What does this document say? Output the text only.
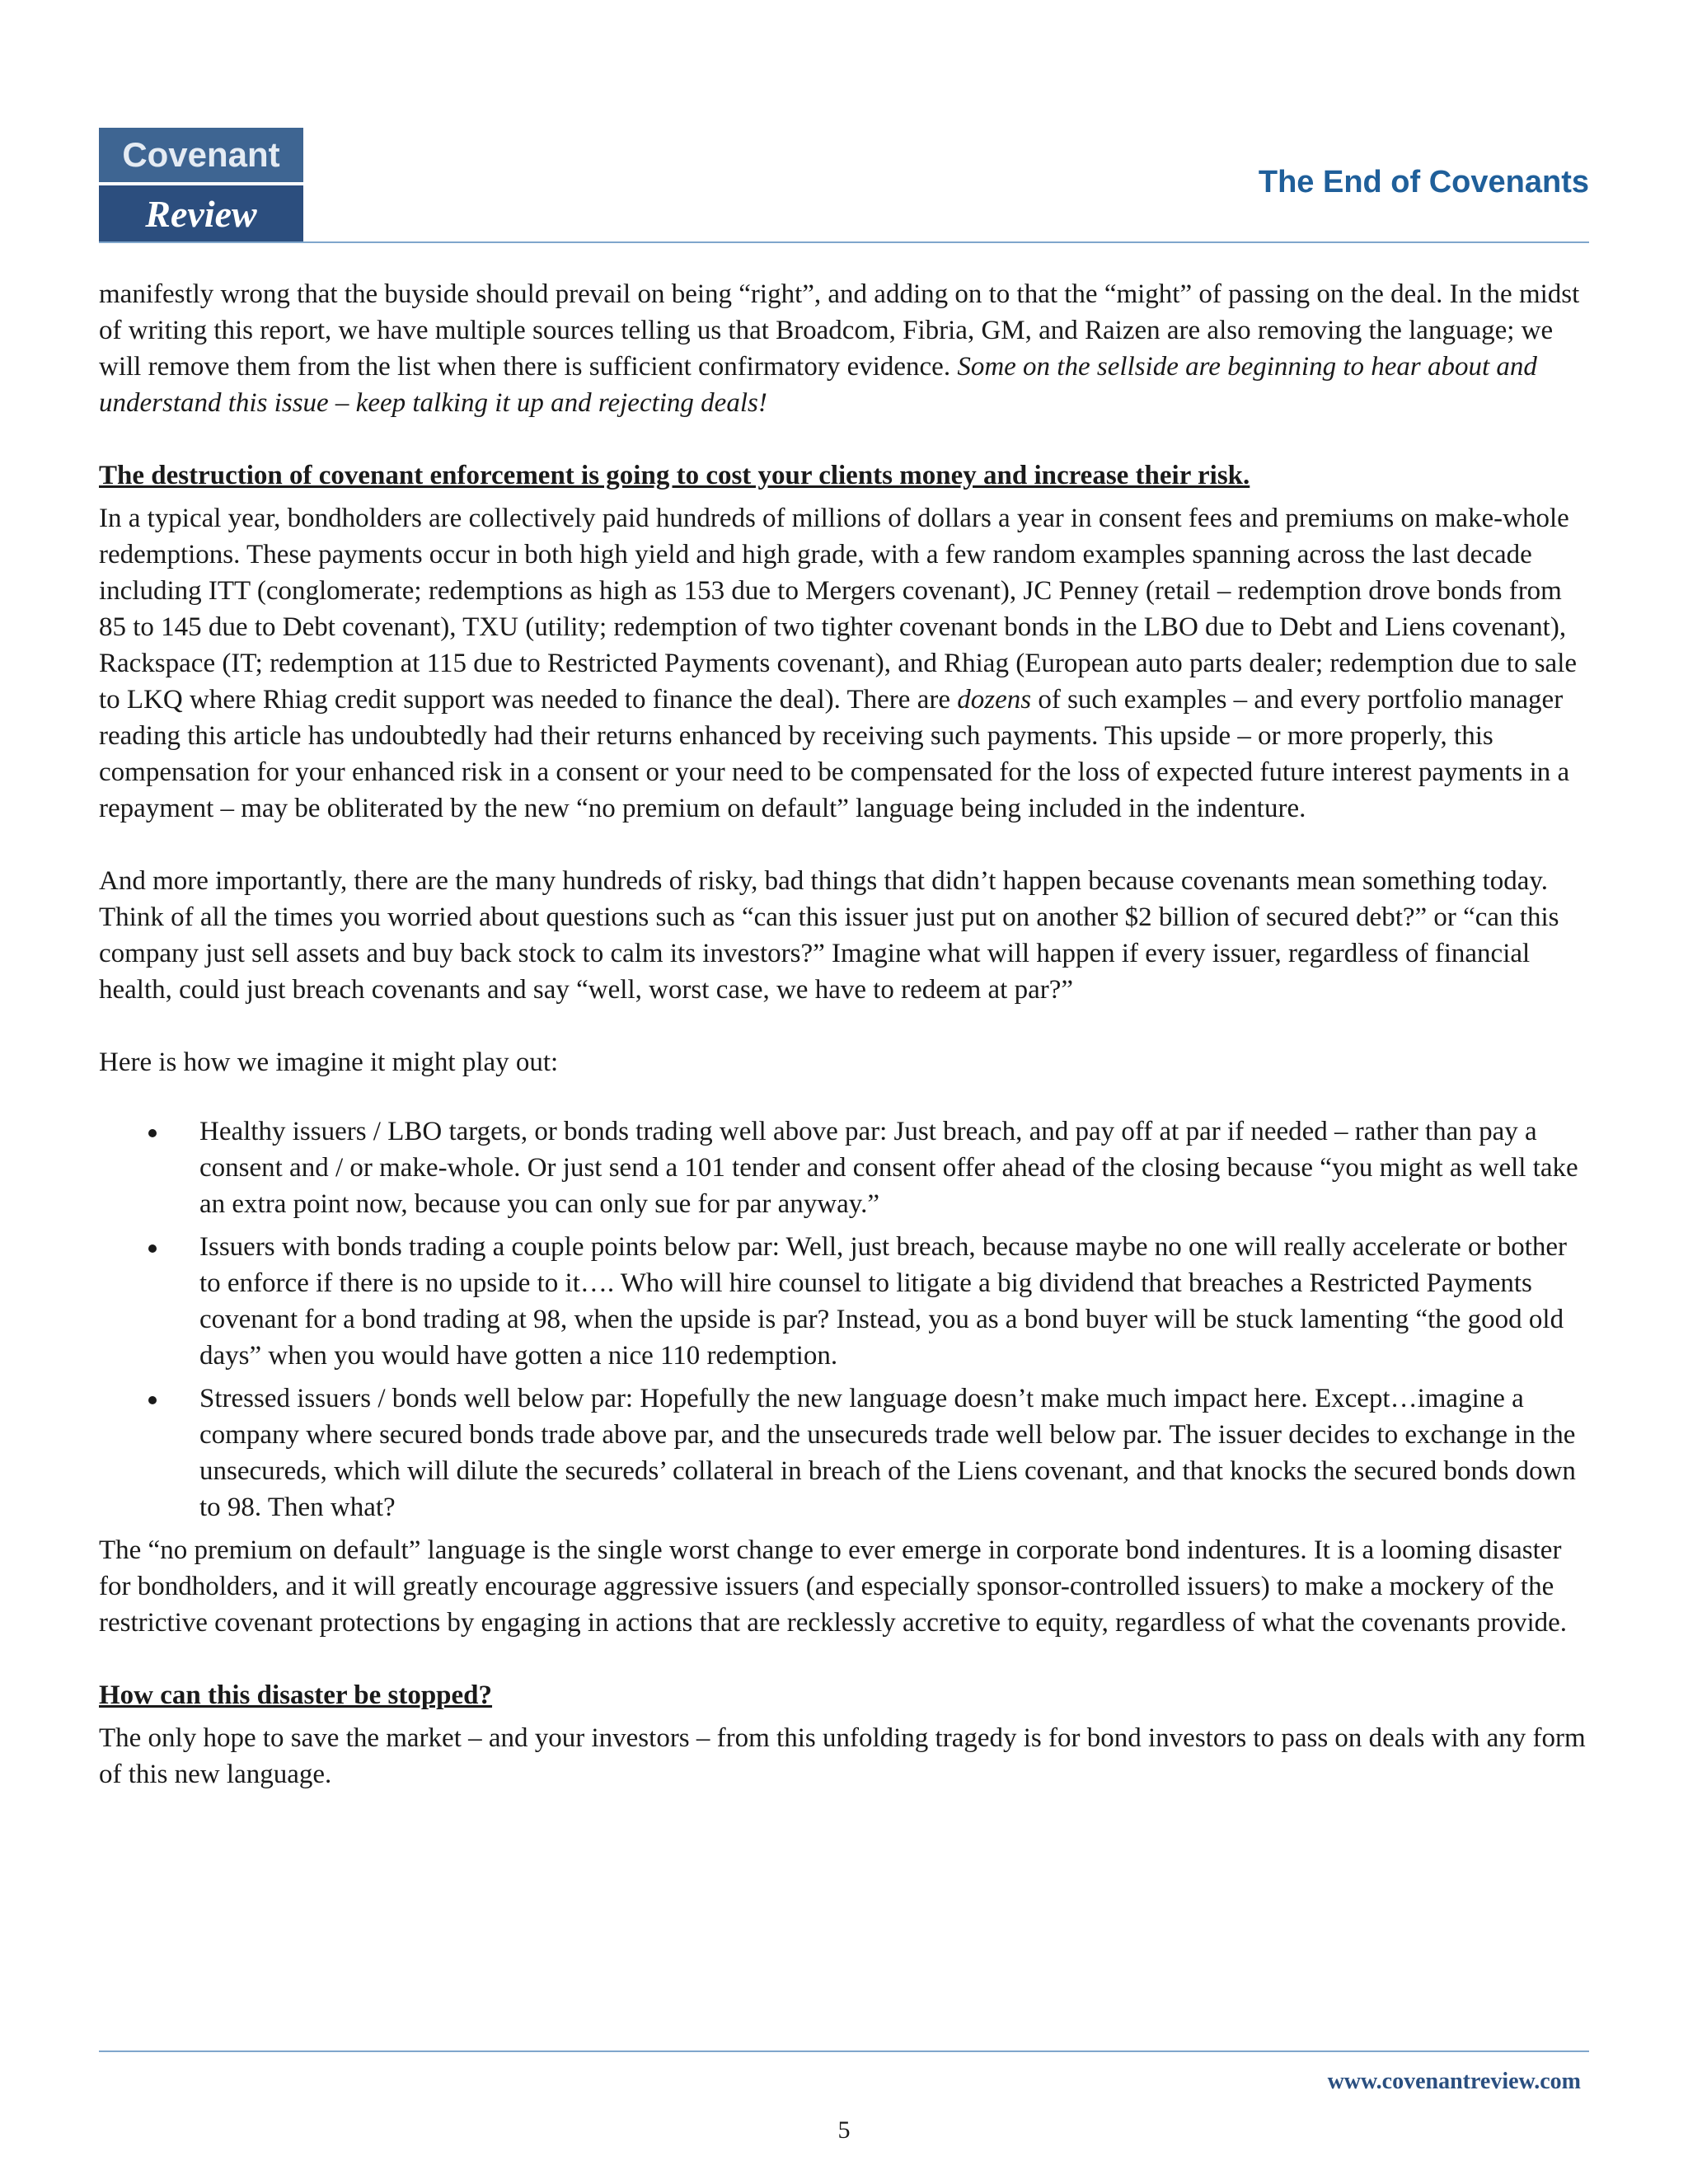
Covenant
Review
The End of Covenants

manifestly wrong that the buyside should prevail on being “right”, and adding on to that the “might” of passing on the deal. In the midst of writing this report, we have multiple sources telling us that Broadcom, Fibria, GM, and Raizen are also removing the language; we will remove them from the list when there is sufficient confirmatory evidence. Some on the sellside are beginning to hear about and understand this issue – keep talking it up and rejecting deals!

The destruction of covenant enforcement is going to cost your clients money and increase their risk.

In a typical year, bondholders are collectively paid hundreds of millions of dollars a year in consent fees and premiums on make-whole redemptions. These payments occur in both high yield and high grade, with a few random examples spanning across the last decade including ITT (conglomerate; redemptions as high as 153 due to Mergers covenant), JC Penney (retail – redemption drove bonds from 85 to 145 due to Debt covenant), TXU (utility; redemption of two tighter covenant bonds in the LBO due to Debt and Liens covenant), Rackspace (IT; redemption at 115 due to Restricted Payments covenant), and Rhiag (European auto parts dealer; redemption due to sale to LKQ where Rhiag credit support was needed to finance the deal). There are dozens of such examples – and every portfolio manager reading this article has undoubtedly had their returns enhanced by receiving such payments. This upside – or more properly, this compensation for your enhanced risk in a consent or your need to be compensated for the loss of expected future interest payments in a repayment – may be obliterated by the new “no premium on default” language being included in the indenture.

And more importantly, there are the many hundreds of risky, bad things that didn’t happen because covenants mean something today. Think of all the times you worried about questions such as “can this issuer just put on another $2 billion of secured debt?” or “can this company just sell assets and buy back stock to calm its investors?” Imagine what will happen if every issuer, regardless of financial health, could just breach covenants and say “well, worst case, we have to redeem at par?”

Here is how we imagine it might play out:

Healthy issuers / LBO targets, or bonds trading well above par: Just breach, and pay off at par if needed – rather than pay a consent and / or make-whole. Or just send a 101 tender and consent offer ahead of the closing because “you might as well take an extra point now, because you can only sue for par anyway.”
Issuers with bonds trading a couple points below par: Well, just breach, because maybe no one will really accelerate or bother to enforce if there is no upside to it…. Who will hire counsel to litigate a big dividend that breaches a Restricted Payments covenant for a bond trading at 98, when the upside is par? Instead, you as a bond buyer will be stuck lamenting “the good old days” when you would have gotten a nice 110 redemption.
Stressed issuers / bonds well below par: Hopefully the new language doesn’t make much impact here. Except…imagine a company where secured bonds trade above par, and the unsecureds trade well below par. The issuer decides to exchange in the unsecureds, which will dilute the secureds’ collateral in breach of the Liens covenant, and that knocks the secured bonds down to 98. Then what?

The “no premium on default” language is the single worst change to ever emerge in corporate bond indentures. It is a looming disaster for bondholders, and it will greatly encourage aggressive issuers (and especially sponsor-controlled issuers) to make a mockery of the restrictive covenant protections by engaging in actions that are recklessly accretive to equity, regardless of what the covenants provide.

How can this disaster be stopped?

The only hope to save the market – and your investors – from this unfolding tragedy is for bond investors to pass on deals with any form of this new language.

www.covenantreview.com
5
